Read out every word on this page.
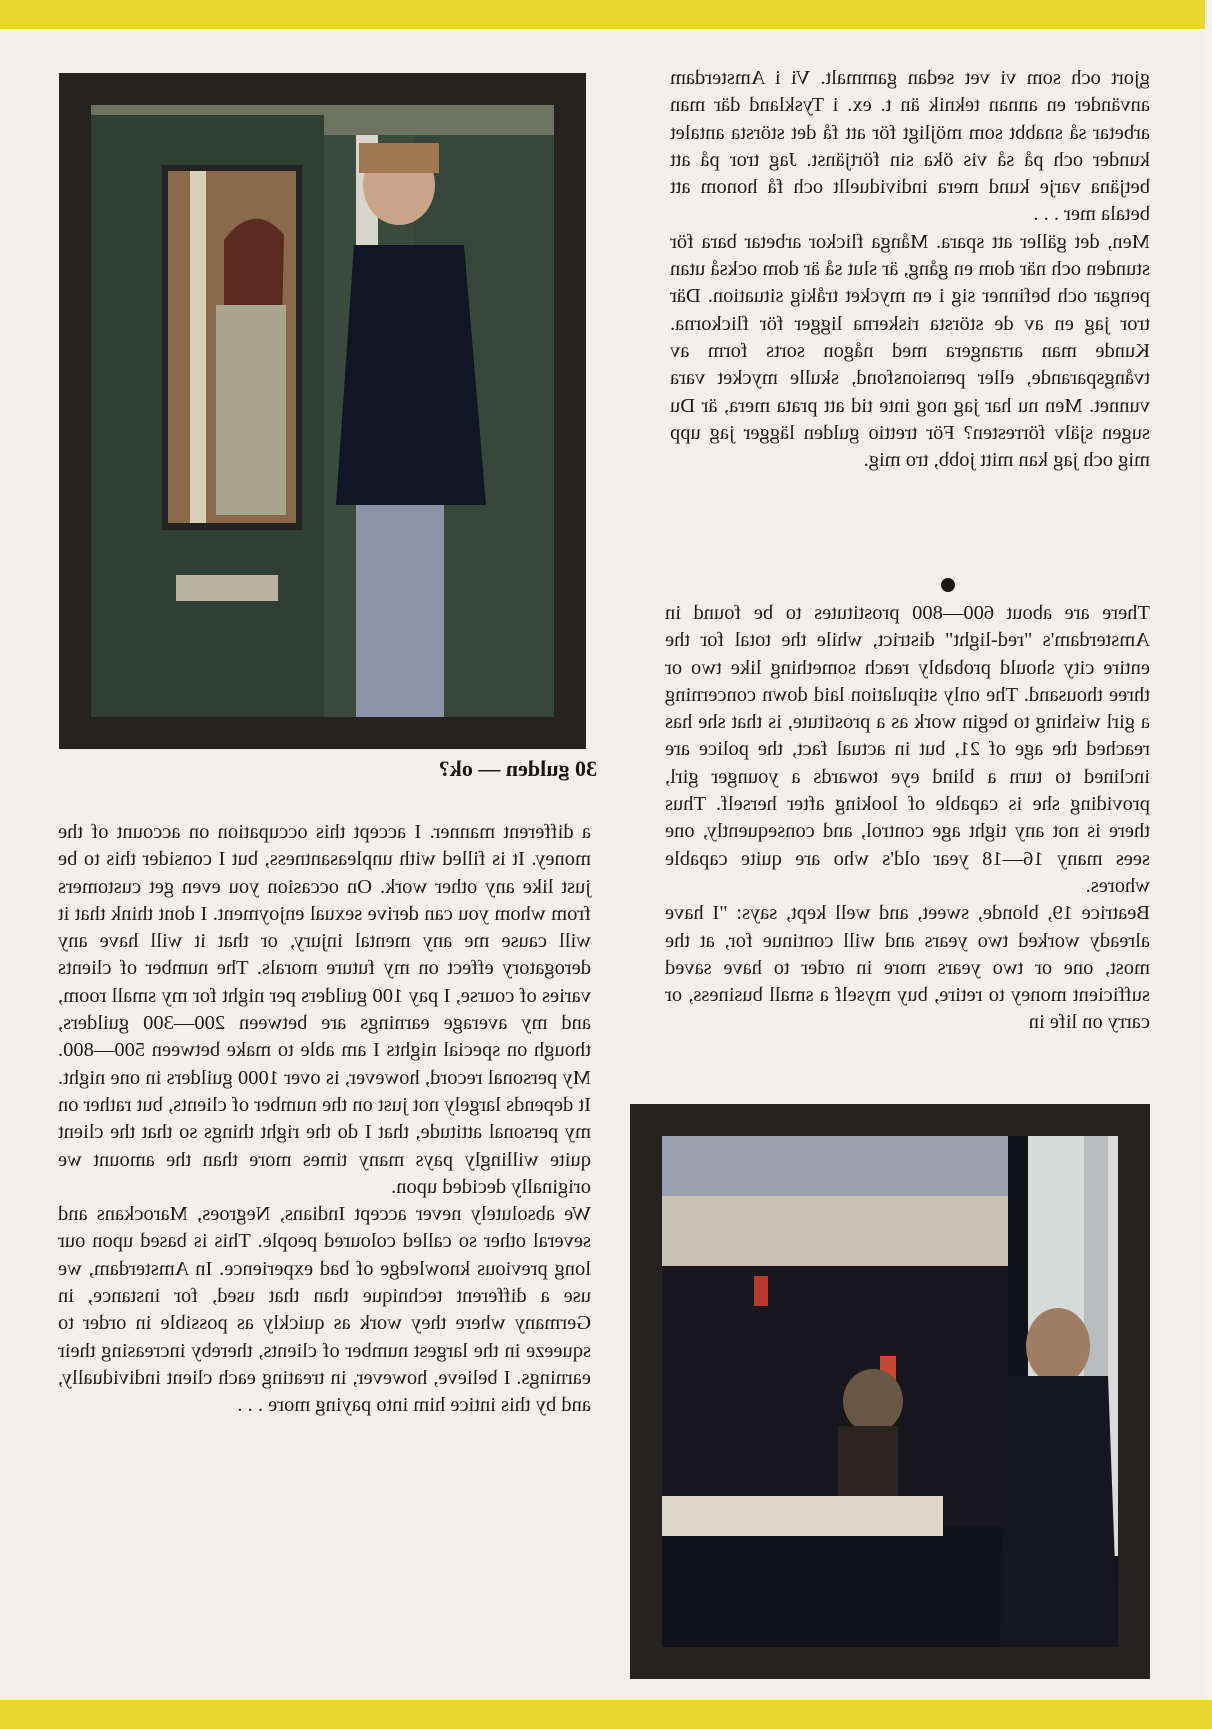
gjort och som vi vet sedan gammalt. Vi i Amsterdam använder en annan teknik än t. ex. i Tyskland där man arbetar så snabbt som möjligt för att få det största antalet kunder och på så vis öka sin förtjänst. Jag tror på att betjäna varje kund mera individuellt och få honom att betala mer . . .

Men, det gäller att spara. Många flickor arbetar bara för stunden och när dom en gång, är slut så är dom också utan pengar och befinner sig i en mycket tråkig situation. Där tror jag en av de största riskerna ligger för flickorna. Kunde man arrangera med någon sorts form av tvångsparande, eller pensionsfond, skulle mycket vara vunnet. Men nu har jag nog inte tid att prata mera, är Du sugen själv förresten? För trettio gulden lägger jag upp mig och jag kan mitt jobb, tro mig.

There are about 600—800 prostitutes to be found in Amsterdam's "red-light" district, while the total for the entire city should probably reach something like two or three thousand. The only stipulation laid down concerning a girl wishing to begin work as a prostitute, is that she has reached the age of 21, but in actual fact, the police are inclined to turn a blind eye towards a younger girl, providing she is capable of looking after herself. Thus there is not any tight age control, and consequently, one sees many 16—18 year old's who are quite capable whores.

Beatrice 19, blonde, sweet, and well kept, says: "I have already worked two years and will continue for, at the most, one or two years more in order to have saved sufficient money to retire, buy myself a small business, or carry on life in

30 gulden — ok?

a different manner. I accept this occupation on account of the money. It is filled with unpleasantness, but I consider this to be just like any other work. On occasion you even get customers from whom you can derive sexual enjoyment. I dont think that it will cause me any mental injury, or that it will have any derogatory effect on my future morals. The number of clients varies of course, I pay 100 guilders per night for my small room, and my average earnings are between 200—300 guilders, though on special nights I am able to make between 500—800. My personal record, however, is over 1000 guilders in one night. It depends largely not just on the number of clients, but rather on my personal attitude, that I do the right things so that the client quite willingly pays many times more than the amount we originally decided upon.

We absolutely never accept Indians, Negroes, Marockans and several other so called coloured people. This is based upon our long previous knowledge of bad experience. In Amsterdam, we use a different technique than that used, for instance, in Germany where they work as quickly as possible in order to squeeze in the largest number of clients, thereby increasing their earnings. I believe, however, in treating each client individually, and by this intice him into paying more . . .
